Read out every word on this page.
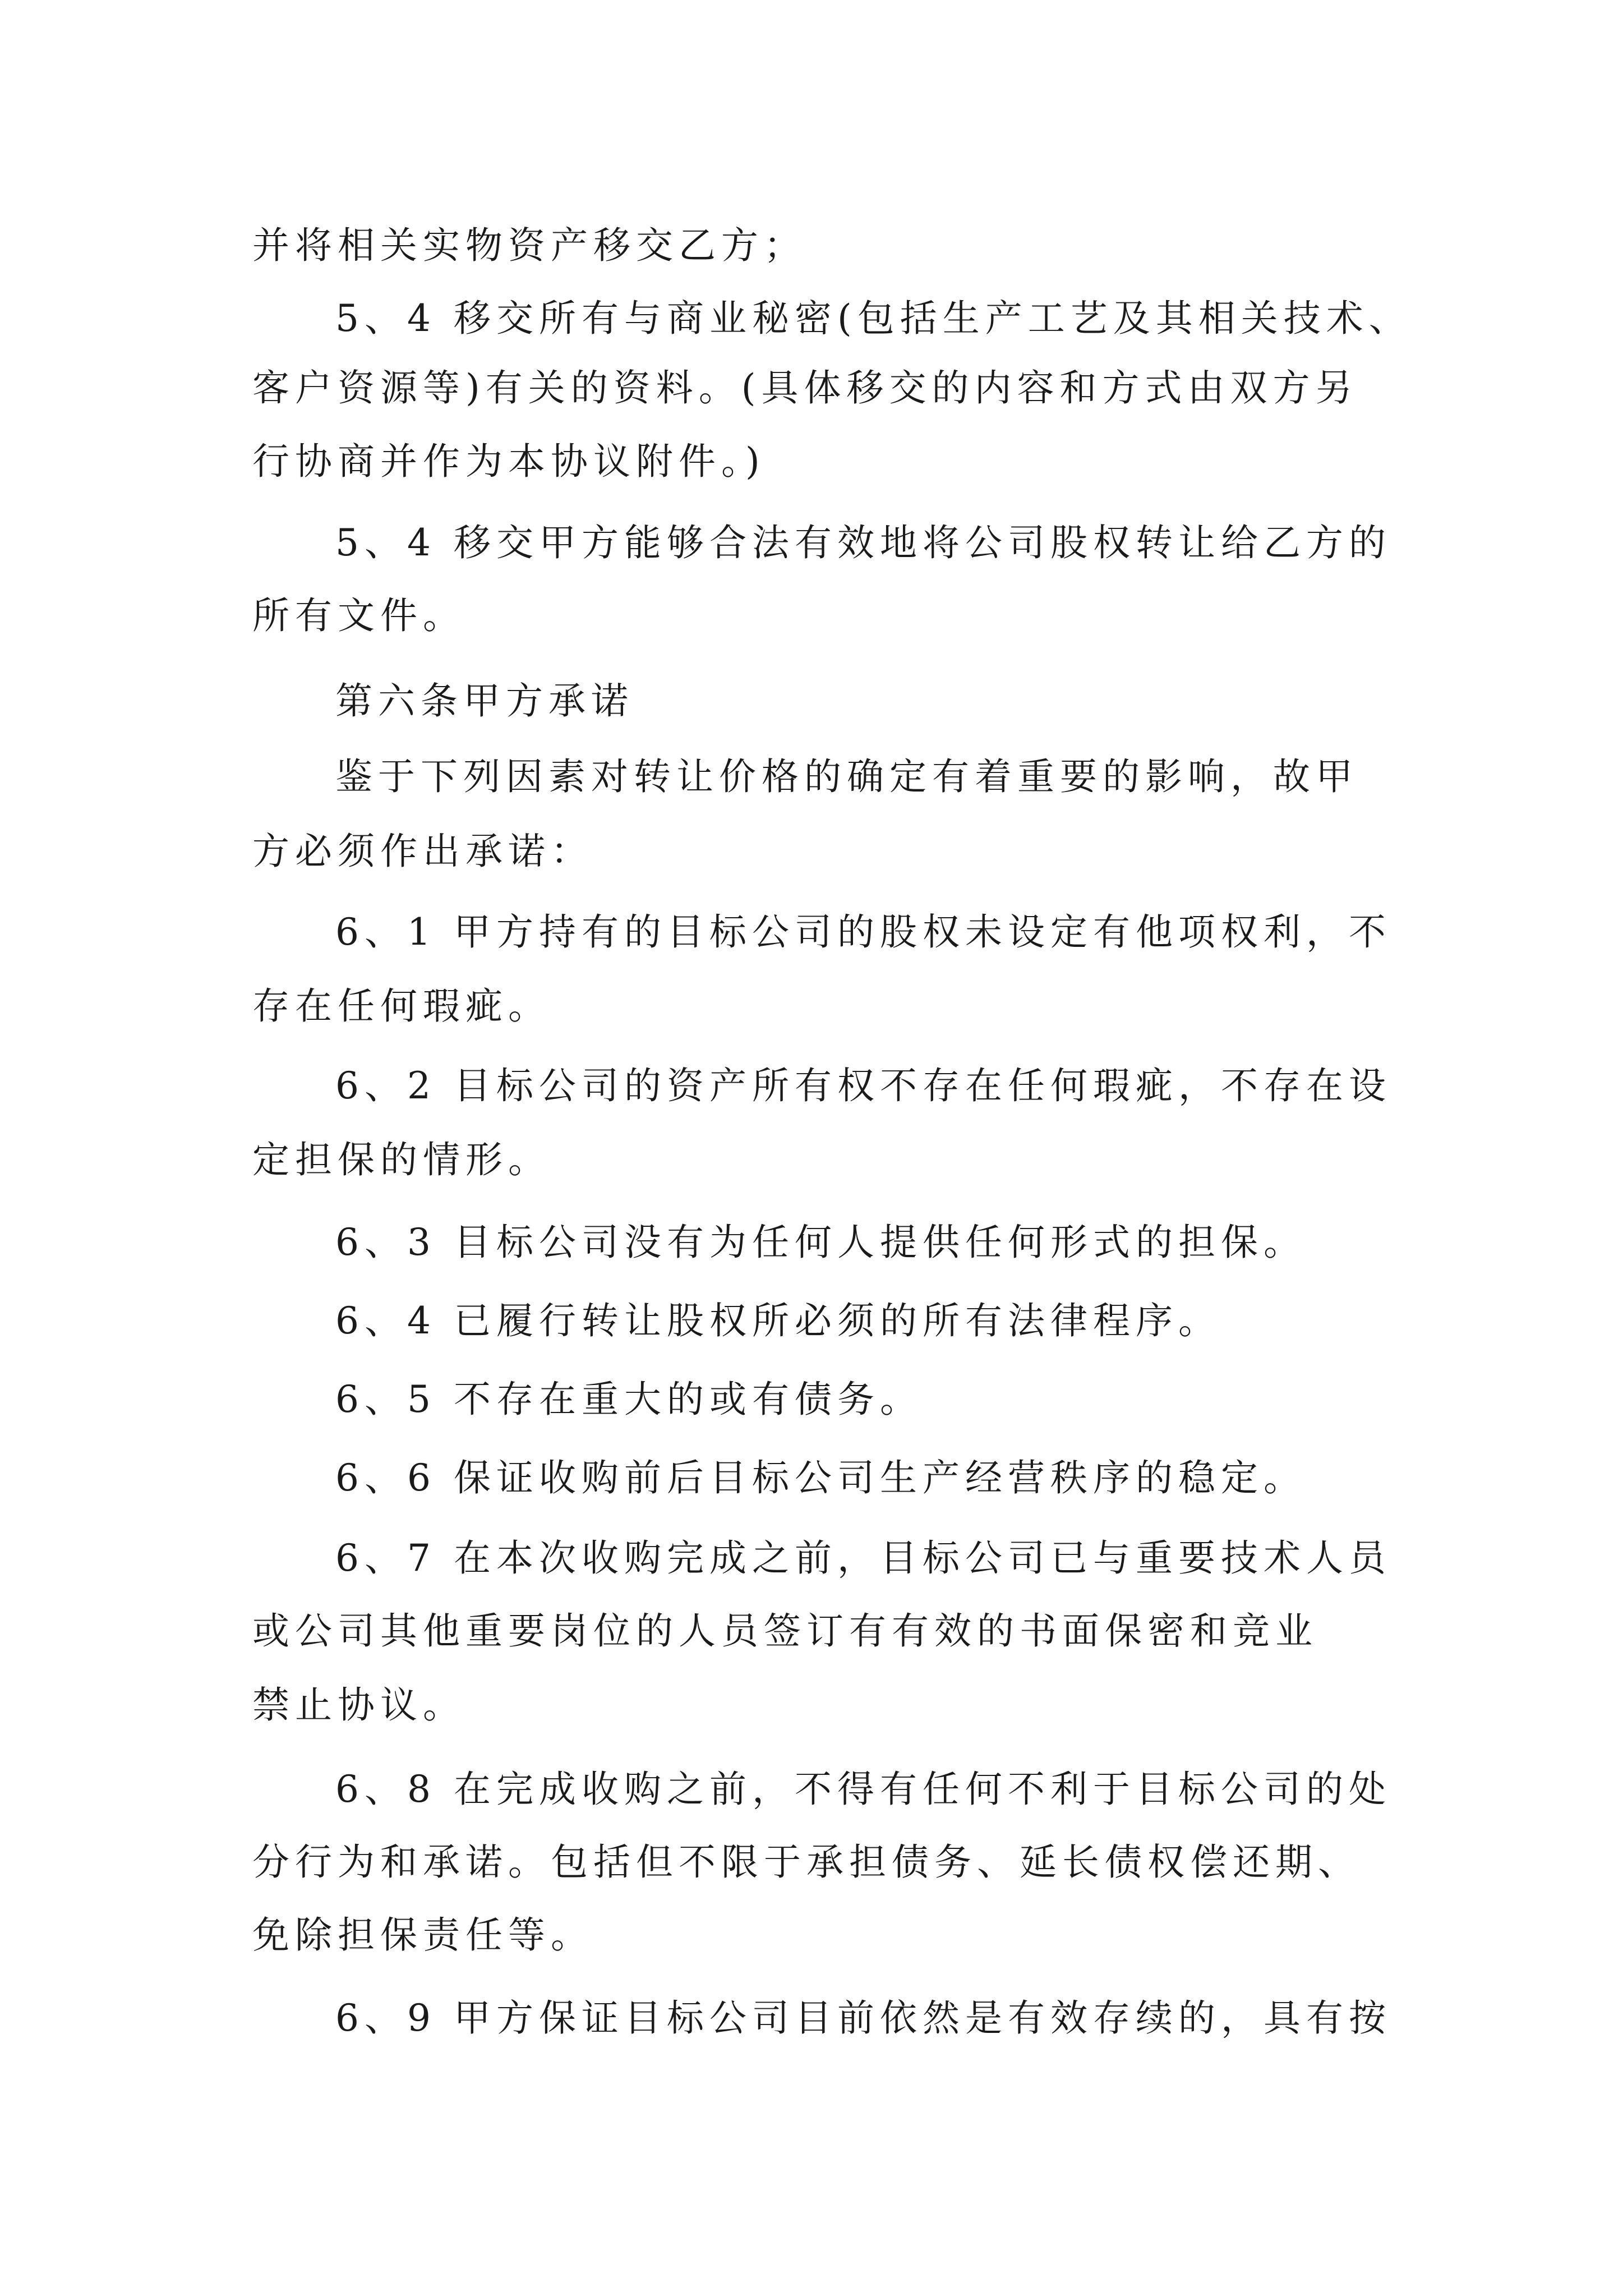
并将相关实物资产移交乙方；

5、4 移交所有与商业秘密(包括生产工艺及其相关技术、

客户资源等)有关的资料。(具体移交的内容和方式由双方另

行协商并作为本协议附件。)

5、4 移交甲方能够合法有效地将公司股权转让给乙方的

所有文件。

第六条甲方承诺

鉴于下列因素对转让价格的确定有着重要的影响，故甲

方必须作出承诺：

6、1 甲方持有的目标公司的股权未设定有他项权利，不

存在任何瑕疵。

6、2 目标公司的资产所有权不存在任何瑕疵，不存在设

定担保的情形。

6、3 目标公司没有为任何人提供任何形式的担保。

6、4 已履行转让股权所必须的所有法律程序。

6、5 不存在重大的或有债务。

6、6 保证收购前后目标公司生产经营秩序的稳定。

6、7 在本次收购完成之前，目标公司已与重要技术人员

或公司其他重要岗位的人员签订有有效的书面保密和竞业

禁止协议。

6、8 在完成收购之前，不得有任何不利于目标公司的处

分行为和承诺。包括但不限于承担债务、延长债权偿还期、

免除担保责任等。

6、9 甲方保证目标公司目前依然是有效存续的，具有按
